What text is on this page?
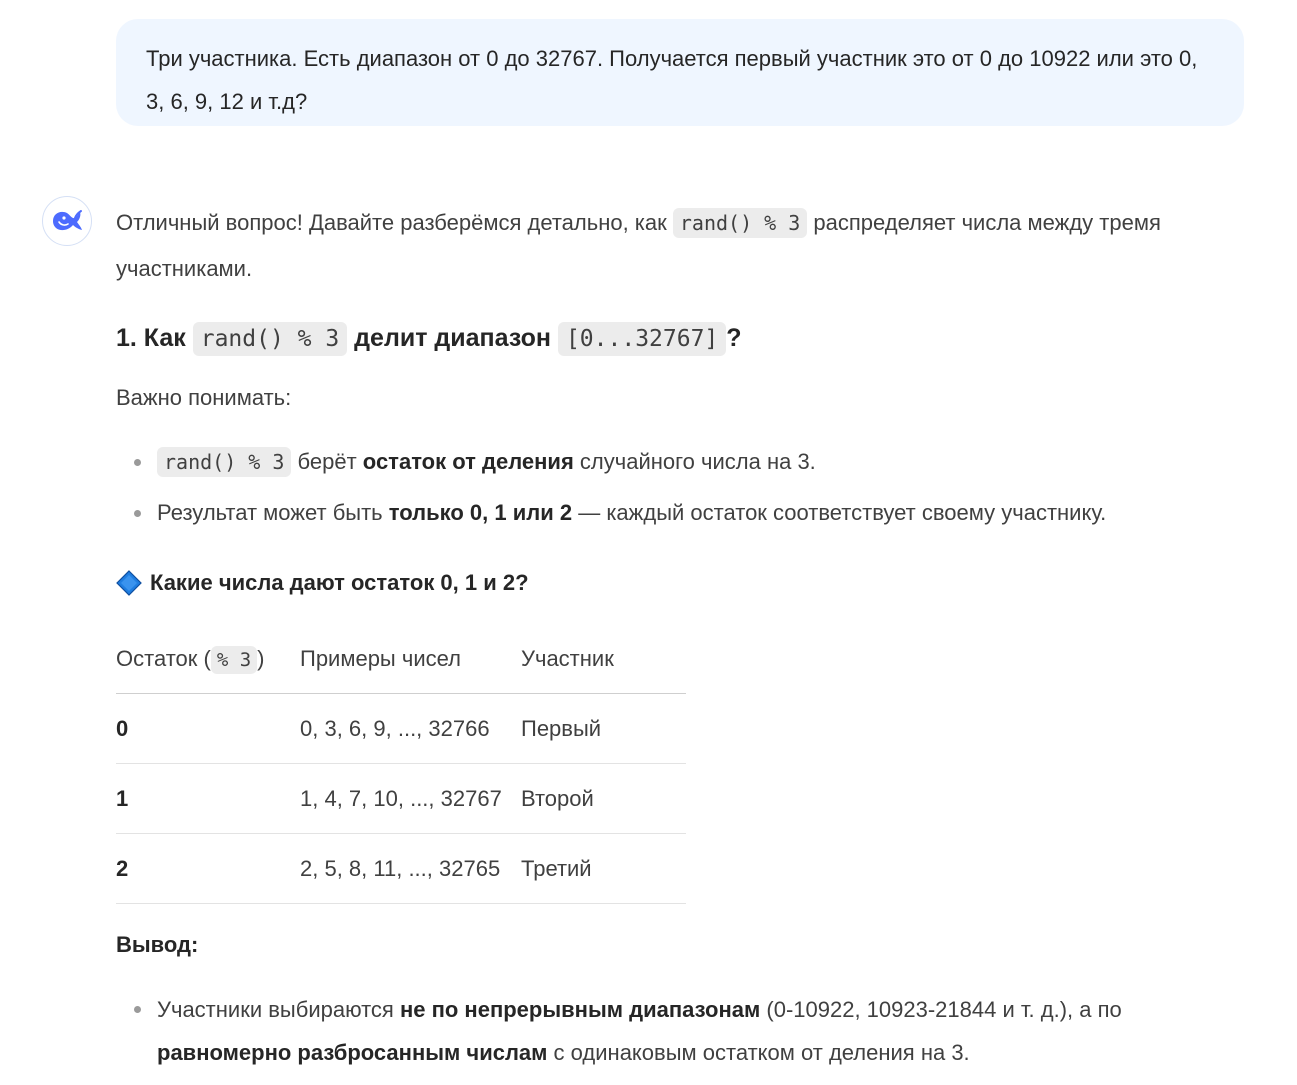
Три участника. Есть диапазон от 0 до 32767. Получается первый участник это от 0 до 10922 или это 0, 3, 6, 9, 12 и т.д?

Отличный вопрос! Давайте разберёмся детально, как rand() % 3 распределяет числа между тремя участниками.

1. Как rand() % 3 делит диапазон [0...32767] ?

Важно понимать:

rand() % 3 берёт остаток от деления случайного числа на 3.
Результат может быть только 0, 1 или 2 — каждый остаток соответствует своему участнику.
Какие числа дают остаток 0, 1 и 2?
Остаток ( % 3 )	Примеры чисел	Участник
0	0, 3, 6, 9, ..., 32766	Первый
1	1, 4, 7, 10, ..., 32767	Второй
2	2, 5, 8, 11, ..., 32765	Третий

Вывод:

Участники выбираются не по непрерывным диапазонам (0-10922, 10923-21844 и т. д.), а по равномерно разбросанным числам с одинаковым остатком от деления на 3.
